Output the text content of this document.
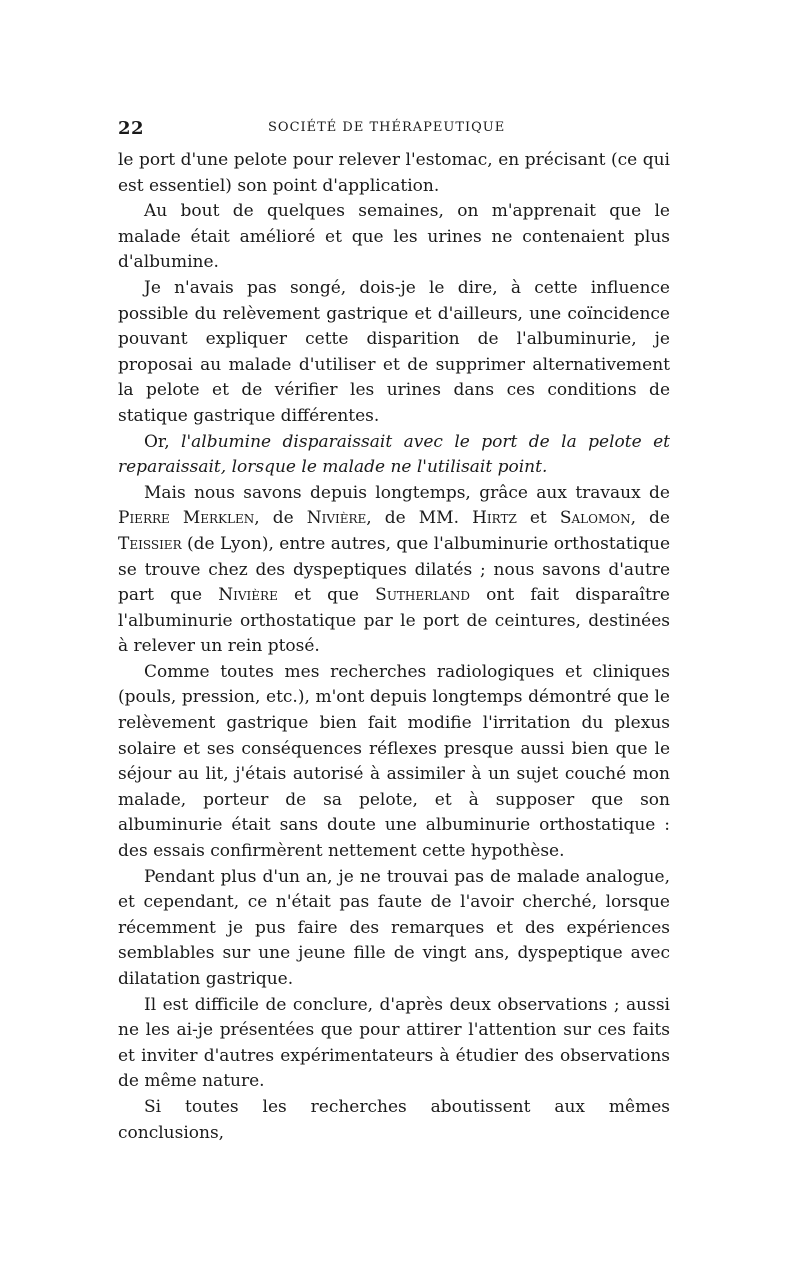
22	SOCIÉTÉ DE THÉRAPEUTIQUE

le port d'une pelote pour relever l'estomac, en précisant (ce qui est essentiel) son point d'application.

Au bout de quelques semaines, on m'apprenait que le malade était amélioré et que les urines ne contenaient plus d'albumine.

Je n'avais pas songé, dois-je le dire, à cette influence possible du relèvement gastrique et d'ailleurs, une coïncidence pouvant expliquer cette disparition de l'albuminurie, je proposai au malade d'utiliser et de supprimer alternativement la pelote et de vérifier les urines dans ces conditions de statique gastrique différentes.

Or, l'albumine disparaissait avec le port de la pelote et reparaissait, lorsque le malade ne l'utilisait point.

Mais nous savons depuis longtemps, grâce aux travaux de Pierre Merklen, de Nivière, de MM. Hirtz et Salomon, de Teissier (de Lyon), entre autres, que l'albuminurie orthostatique se trouve chez des dyspeptiques dilatés ; nous savons d'autre part que Nivière et que Sutherland ont fait disparaître l'albuminurie orthostatique par le port de ceintures, destinées à relever un rein ptosé.

Comme toutes mes recherches radiologiques et cliniques (pouls, pression, etc.), m'ont depuis longtemps démontré que le relèvement gastrique bien fait modifie l'irritation du plexus solaire et ses conséquences réflexes presque aussi bien que le séjour au lit, j'étais autorisé à assimiler à un sujet couché mon malade, porteur de sa pelote, et à supposer que son albuminurie était sans doute une albuminurie orthostatique : des essais confirmèrent nettement cette hypothèse.

Pendant plus d'un an, je ne trouvai pas de malade analogue, et cependant, ce n'était pas faute de l'avoir cherché, lorsque récemment je pus faire des remarques et des expériences semblables sur une jeune fille de vingt ans, dyspeptique avec dilatation gastrique.

Il est difficile de conclure, d'après deux observations ; aussi ne les ai-je présentées que pour attirer l'attention sur ces faits et inviter d'autres expérimentateurs à étudier des observations de même nature.

Si toutes les recherches aboutissent aux mêmes conclusions,
